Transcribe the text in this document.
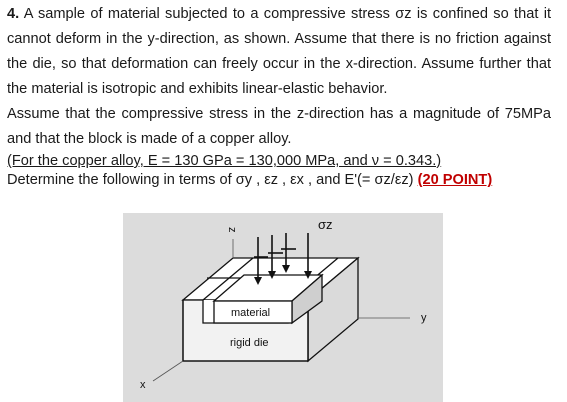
4. A sample of material subjected to a compressive stress σz is confined so that it cannot deform in the y-direction, as shown. Assume that there is no friction against the die, so that deformation can freely occur in the x-direction. Assume further that the material is isotropic and exhibits linear-elastic behavior.

Assume that the compressive stress in the z-direction has a magnitude of 75MPa and that the block is made of a copper alloy.

(For the copper alloy, E = 130 GPa = 130,000 MPa, and ν = 0.343.)
Determine the following in terms of σy , εz , εx , and E'(= σz/εz) (20 POINT)
z	σz
y
x
material
rigid die
